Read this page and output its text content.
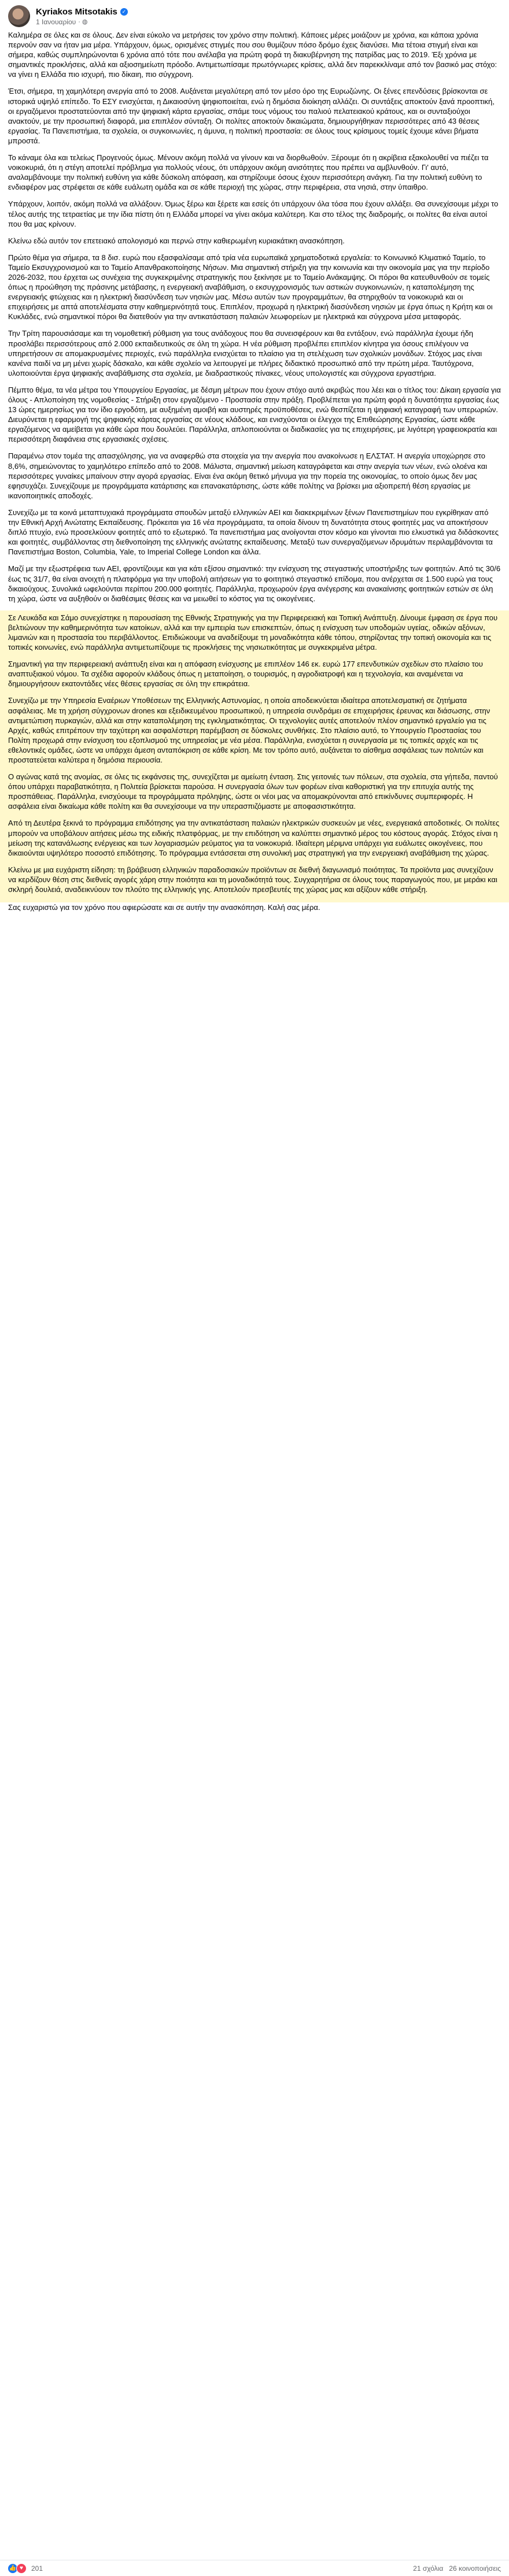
Kyriakos Mitsotakis ✓
1 Ιανουαρίου · ◍

Καλημέρα σε όλες και σε όλους. Δεν είναι εύκολο να μετρήσεις τον χρόνο στην πολιτική. Κάποιες μέρες μοιάζουν με χρόνια, και κάποια χρόνια περνούν σαν να ήταν μια μέρα. Υπάρχουν, όμως, ορισμένες στιγμές που σου θυμίζουν πόσο δρόμο έχεις διανύσει. Μια τέτοια στιγμή είναι και σήμερα, καθώς συμπληρώνονται 6 χρόνια από τότε που ανέλαβα για πρώτη φορά τη διακυβέρνηση της πατρίδας μας το 2019. Έξι χρόνια με σημαντικές προκλήσεις, αλλά και αξιοσημείωτη πρόοδο. Αντιμετωπίσαμε πρωτόγνωρες κρίσεις, αλλά δεν παρεκκλίναμε από τον βασικό μας στόχο: να γίνει η Ελλάδα πιο ισχυρή, πιο δίκαιη, πιο σύγχρονη.

Έτσι, σήμερα, τη χαμηλότερη ανεργία από το 2008. Αυξάνεται μεγαλύτερη από τον μέσο όρο της Ευρωζώνης. Οι ξένες επενδύσεις βρίσκονται σε ιστορικά υψηλό επίπεδο. Το ΕΣΥ ενισχύεται, η Δικαιοσύνη ψηφιοποιείται, ενώ η δημόσια διοίκηση αλλάζει. Οι συντάξεις αποκτούν ξανά προοπτική, οι εργαζόμενοι προστατεύονται από την ψηφιακή κάρτα εργασίας, σπάμε τους νόμους του παλιού πελατειακού κράτους, και οι συνταξιούχοι ανακτούν, με την προσωπική διαφορά, μια επιπλέον σύνταξη. Οι πολίτες αποκτούν δικαιώματα, δημιουργήθηκαν περισσότερες από 43 θέσεις εργασίας. Τα Πανεπιστήμια, τα σχολεία, οι συγκοινωνίες, η άμυνα, η πολιτική προστασία: σε όλους τους κρίσιμους τομείς έχουμε κάνει βήματα μπροστά.

Το κάναμε όλα και τελείως Προγενούς όμως. Μένουν ακόμη πολλά να γίνουν και να διορθωθούν. Ξέρουμε ότι η ακρίβεια εξακολουθεί να πιέζει τα νοικοκυριά, ότι η στέγη αποτελεί πρόβλημα για πολλούς νέους, ότι υπάρχουν ακόμη ανισότητες που πρέπει να αμβλυνθούν. Γι' αυτό, αναλαμβάνουμε την πολιτική ευθύνη για κάθε δύσκολη απόφαση, και στηρίζουμε όσους έχουν περισσότερη ανάγκη. Για την πολιτική ευθύνη το ενδιαφέρον μας στρέφεται σε κάθε ευάλωτη ομάδα και σε κάθε περιοχή της χώρας, στην περιφέρεια, στα νησιά, στην ύπαιθρο.

Υπάρχουν, λοιπόν, ακόμη πολλά να αλλάξουν. Όμως ξέρω και ξέρετε και εσείς ότι υπάρχουν όλα τόσα που έχουν αλλάξει. Θα συνεχίσουμε μέχρι το τέλος αυτής της τετραετίας με την ίδια πίστη ότι η Ελλάδα μπορεί να γίνει ακόμα καλύτερη. Και στο τέλος της διαδρομής, οι πολίτες θα είναι αυτοί που θα μας κρίνουν.

Κλείνω εδώ αυτόν τον επετειακό απολογισμό και περνώ στην καθιερωμένη κυριακάτικη ανασκόπηση.

Πρώτο θέμα για σήμερα, τα 8 δισ. ευρώ που εξασφαλίσαμε από τρία νέα ευρωπαϊκά χρηματοδοτικά εργαλεία: το Κοινωνικό Κλιματικό Ταμείο, το Ταμείο Εκσυγχρονισμού και το Ταμείο Απανθρακοποίησης Νήσων. Μια σημαντική στήριξη για την κοινωνία και την οικονομία μας για την περίοδο 2026-2032, που έρχεται ως συνέχεια της συγκεκριμένης στρατηγικής που ξεκίνησε με το Ταμείο Ανάκαμψης. Οι πόροι θα κατευθυνθούν σε τομείς όπως η προώθηση της πράσινης μετάβασης, η ενεργειακή αναβάθμιση, ο εκσυγχρονισμός των αστικών συγκοινωνιών, η καταπολέμηση της ενεργειακής φτώχειας και η ηλεκτρική διασύνδεση των νησιών μας. Μέσω αυτών των προγραμμάτων, θα στηριχθούν τα νοικοκυριά και οι επιχειρήσεις με απτά αποτελέσματα στην καθημερινότητά τους. Επιπλέον, προχωρά η ηλεκτρική διασύνδεση νησιών με έργα όπως η Κρήτη και οι Κυκλάδες, ενώ σημαντικοί πόροι θα διατεθούν για την αντικατάσταση παλαιών λεωφορείων με ηλεκτρικά και σύγχρονα μέσα μεταφοράς.

Την Τρίτη παρουσιάσαμε και τη νομοθετική ρύθμιση για τους ανάδοχους που θα συνεισφέρουν και θα εντάξουν, ενώ παράλληλα έχουμε ήδη προσλάβει περισσότερους από 2.000 εκπαιδευτικούς σε όλη τη χώρα. Η νέα ρύθμιση προβλέπει επιπλέον κίνητρα για όσους επιλέγουν να υπηρετήσουν σε απομακρυσμένες περιοχές, ενώ παράλληλα ενισχύεται το πλαίσιο για τη στελέχωση των σχολικών μονάδων. Στόχος μας είναι κανένα παιδί να μη μένει χωρίς δάσκαλο, και κάθε σχολείο να λειτουργεί με πλήρες διδακτικό προσωπικό από την πρώτη μέρα. Ταυτόχρονα, υλοποιούνται έργα ψηφιακής αναβάθμισης στα σχολεία, με διαδραστικούς πίνακες, νέους υπολογιστές και σύγχρονα εργαστήρια.

Πέμπτο θέμα, τα νέα μέτρα του Υπουργείου Εργασίας, με δέσμη μέτρων που έχουν στόχο αυτό ακριβώς που λέει και ο τίτλος του: Δίκαιη εργασία για όλους - Απλοποίηση της νομοθεσίας - Στήριξη στον εργαζόμενο - Προστασία στην πράξη. Προβλέπεται για πρώτη φορά η δυνατότητα εργασίας έως 13 ώρες ημερησίως για τον ίδιο εργοδότη, με αυξημένη αμοιβή και αυστηρές προϋποθέσεις, ενώ θεσπίζεται η ψηφιακή καταγραφή των υπερωριών. Διευρύνεται η εφαρμογή της ψηφιακής κάρτας εργασίας σε νέους κλάδους, και ενισχύονται οι έλεγχοι της Επιθεώρησης Εργασίας, ώστε κάθε εργαζόμενος να αμείβεται για κάθε ώρα που δουλεύει. Παράλληλα, απλοποιούνται οι διαδικασίες για τις επιχειρήσεις, με λιγότερη γραφειοκρατία και περισσότερη διαφάνεια στις εργασιακές σχέσεις.

Παραμένω στον τομέα της απασχόλησης, για να αναφερθώ στα στοιχεία για την ανεργία που ανακοίνωσε η ΕΛΣΤΑΤ. Η ανεργία υποχώρησε στο 8,6%, σημειώνοντας το χαμηλότερο επίπεδο από το 2008. Μάλιστα, σημαντική μείωση καταγράφεται και στην ανεργία των νέων, ενώ ολοένα και περισσότερες γυναίκες μπαίνουν στην αγορά εργασίας. Είναι ένα ακόμη θετικό μήνυμα για την πορεία της οικονομίας, το οποίο όμως δεν μας εφησυχάζει. Συνεχίζουμε με προγράμματα κατάρτισης και επανακατάρτισης, ώστε κάθε πολίτης να βρίσκει μια αξιοπρεπή θέση εργασίας με ικανοποιητικές αποδοχές.

Συνεχίζω με τα κοινά μεταπτυχιακά προγράμματα σπουδών μεταξύ ελληνικών ΑΕΙ και διακεκριμένων ξένων Πανεπιστημίων που εγκρίθηκαν από την Εθνική Αρχή Ανώτατης Εκπαίδευσης. Πρόκειται για 16 νέα προγράμματα, τα οποία δίνουν τη δυνατότητα στους φοιτητές μας να αποκτήσουν διπλό πτυχίο, ενώ προσελκύουν φοιτητές από το εξωτερικό. Τα πανεπιστήμια μας ανοίγονται στον κόσμο και γίνονται πιο ελκυστικά για διδάσκοντες και φοιτητές, συμβάλλοντας στη διεθνοποίηση της ελληνικής ανώτατης εκπαίδευσης. Μεταξύ των συνεργαζόμενων ιδρυμάτων περιλαμβάνονται τα Πανεπιστήμια Boston, Columbia, Yale, το Imperial College London και άλλα.

Μαζί με την εξωστρέφεια των ΑΕΙ, φροντίζουμε και για κάτι εξίσου σημαντικό: την ενίσχυση της στεγαστικής υποστήριξης των φοιτητών. Από τις 30/6 έως τις 31/7, θα είναι ανοιχτή η πλατφόρμα για την υποβολή αιτήσεων για το φοιτητικό στεγαστικό επίδομα, που ανέρχεται σε 1.500 ευρώ για τους δικαιούχους. Συνολικά ωφελούνται περίπου 200.000 φοιτητές. Παράλληλα, προχωρούν έργα ανέγερσης και ανακαίνισης φοιτητικών εστιών σε όλη τη χώρα, ώστε να αυξηθούν οι διαθέσιμες θέσεις και να μειωθεί το κόστος για τις οικογένειες.

Σε Λευκάδα και Σάμο συνεχίστηκε η παρουσίαση της Εθνικής Στρατηγικής για την Περιφερειακή και Τοπική Ανάπτυξη. Δίνουμε έμφαση σε έργα που βελτιώνουν την καθημερινότητα των κατοίκων, αλλά και την εμπειρία των επισκεπτών, όπως η ενίσχυση των υποδομών υγείας, οδικών αξόνων, λιμανιών και η προστασία του περιβάλλοντος. Επιδιώκουμε να αναδείξουμε τη μοναδικότητα κάθε τόπου, στηρίζοντας την τοπική οικονομία και τις τοπικές κοινωνίες, ενώ παράλληλα αντιμετωπίζουμε τις προκλήσεις της νησιωτικότητας με συγκεκριμένα μέτρα.

Σημαντική για την περιφερειακή ανάπτυξη είναι και η απόφαση ενίσχυσης με επιπλέον 146 εκ. ευρώ 177 επενδυτικών σχεδίων στο πλαίσιο του αναπτυξιακού νόμου. Τα σχέδια αφορούν κλάδους όπως η μεταποίηση, ο τουρισμός, η αγροδιατροφή και η τεχνολογία, και αναμένεται να δημιουργήσουν εκατοντάδες νέες θέσεις εργασίας σε όλη την επικράτεια.

Συνεχίζω με την Υπηρεσία Εναέριων Υποθέσεων της Ελληνικής Αστυνομίας, η οποία αποδεικνύεται ιδιαίτερα αποτελεσματική σε ζητήματα ασφάλειας. Με τη χρήση σύγχρονων drones και εξειδικευμένου προσωπικού, η υπηρεσία συνδράμει σε επιχειρήσεις έρευνας και διάσωσης, στην αντιμετώπιση πυρκαγιών, αλλά και στην καταπολέμηση της εγκληματικότητας. Οι τεχνολογίες αυτές αποτελούν πλέον σημαντικό εργαλείο για τις Αρχές, καθώς επιτρέπουν την ταχύτερη και ασφαλέστερη παρέμβαση σε δύσκολες συνθήκες. Στο πλαίσιο αυτό, το Υπουργείο Προστασίας του Πολίτη προχωρά στην ενίσχυση του εξοπλισμού της υπηρεσίας με νέα μέσα. Παράλληλα, ενισχύεται η συνεργασία με τις τοπικές αρχές και τις εθελοντικές ομάδες, ώστε να υπάρχει άμεση ανταπόκριση σε κάθε κρίση. Με τον τρόπο αυτό, αυξάνεται το αίσθημα ασφάλειας των πολιτών και προστατεύεται καλύτερα η δημόσια περιουσία.

Ο αγώνας κατά της ανομίας, σε όλες τις εκφάνσεις της, συνεχίζεται με αμείωτη ένταση. Στις γειτονιές των πόλεων, στα σχολεία, στα γήπεδα, παντού όπου υπάρχει παραβατικότητα, η Πολιτεία βρίσκεται παρούσα. Η συνεργασία όλων των φορέων είναι καθοριστική για την επιτυχία αυτής της προσπάθειας. Παράλληλα, ενισχύουμε τα προγράμματα πρόληψης, ώστε οι νέοι μας να απομακρύνονται από επικίνδυνες συμπεριφορές. Η ασφάλεια είναι δικαίωμα κάθε πολίτη και θα συνεχίσουμε να την υπερασπιζόμαστε με αποφασιστικότητα.

Από τη Δευτέρα ξεκινά το πρόγραμμα επιδότησης για την αντικατάσταση παλαιών ηλεκτρικών συσκευών με νέες, ενεργειακά αποδοτικές. Οι πολίτες μπορούν να υποβάλουν αιτήσεις μέσω της ειδικής πλατφόρμας, με την επιδότηση να καλύπτει σημαντικό μέρος του κόστους αγοράς. Στόχος είναι η μείωση της κατανάλωσης ενέργειας και των λογαριασμών ρεύματος για τα νοικοκυριά. Ιδιαίτερη μέριμνα υπάρχει για ευάλωτες οικογένειες, που δικαιούνται υψηλότερο ποσοστό επιδότησης. Το πρόγραμμα εντάσσεται στη συνολική μας στρατηγική για την ενεργειακή αναβάθμιση της χώρας.

Κλείνω με μια ευχάριστη είδηση: τη βράβευση ελληνικών παραδοσιακών προϊόντων σε διεθνή διαγωνισμό ποιότητας. Τα προϊόντα μας συνεχίζουν να κερδίζουν θέση στις διεθνείς αγορές χάρη στην ποιότητα και τη μοναδικότητά τους. Συγχαρητήρια σε όλους τους παραγωγούς που, με μεράκι και σκληρή δουλειά, αναδεικνύουν τον πλούτο της ελληνικής γης. Αποτελούν πρεσβευτές της χώρας μας και αξίζουν κάθε στήριξη.

Σας ευχαριστώ για τον χρόνο που αφιερώσατε και σε αυτήν την ανασκόπηση. Καλή σας μέρα.

👍 ♥	201	21 σχόλια 26 κοινοποιήσεις
